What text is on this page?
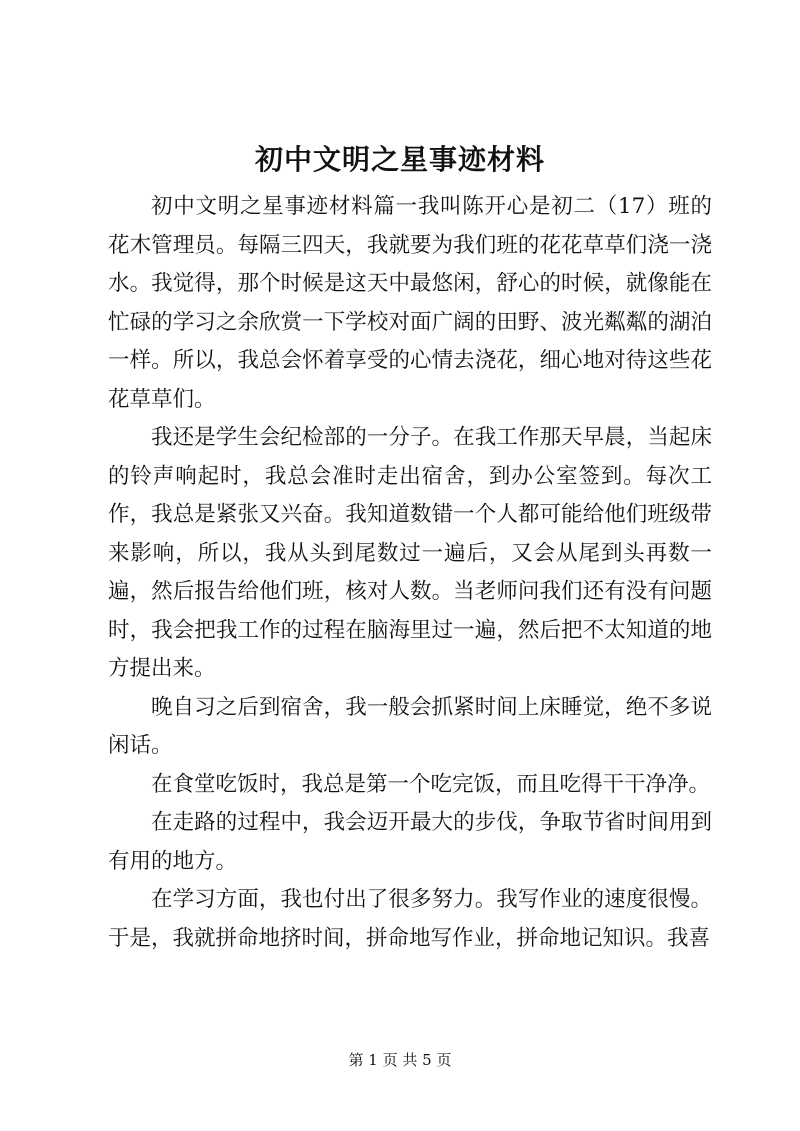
初中文明之星事迹材料

初中文明之星事迹材料篇一我叫陈开心是初二（17）班的花木管理员。每隔三四天，我就要为我们班的花花草草们浇一浇水。我觉得，那个时候是这天中最悠闲，舒心的时候，就像能在忙碌的学习之余欣赏一下学校对面广阔的田野、波光粼粼的湖泊一样。所以，我总会怀着享受的心情去浇花，细心地对待这些花花草草们。

我还是学生会纪检部的一分子。在我工作那天早晨，当起床的铃声响起时，我总会准时走出宿舍，到办公室签到。每次工作，我总是紧张又兴奋。我知道数错一个人都可能给他们班级带来影响，所以，我从头到尾数过一遍后，又会从尾到头再数一遍，然后报告给他们班，核对人数。当老师问我们还有没有问题时，我会把我工作的过程在脑海里过一遍，然后把不太知道的地方提出来。

晚自习之后到宿舍，我一般会抓紧时间上床睡觉，绝不多说闲话。

在食堂吃饭时，我总是第一个吃完饭，而且吃得干干净净。

在走路的过程中，我会迈开最大的步伐，争取节省时间用到有用的地方。

在学习方面，我也付出了很多努力。我写作业的速度很慢。于是，我就拼命地挤时间，拼命地写作业，拼命地记知识。我喜

第 1 页 共 5 页
